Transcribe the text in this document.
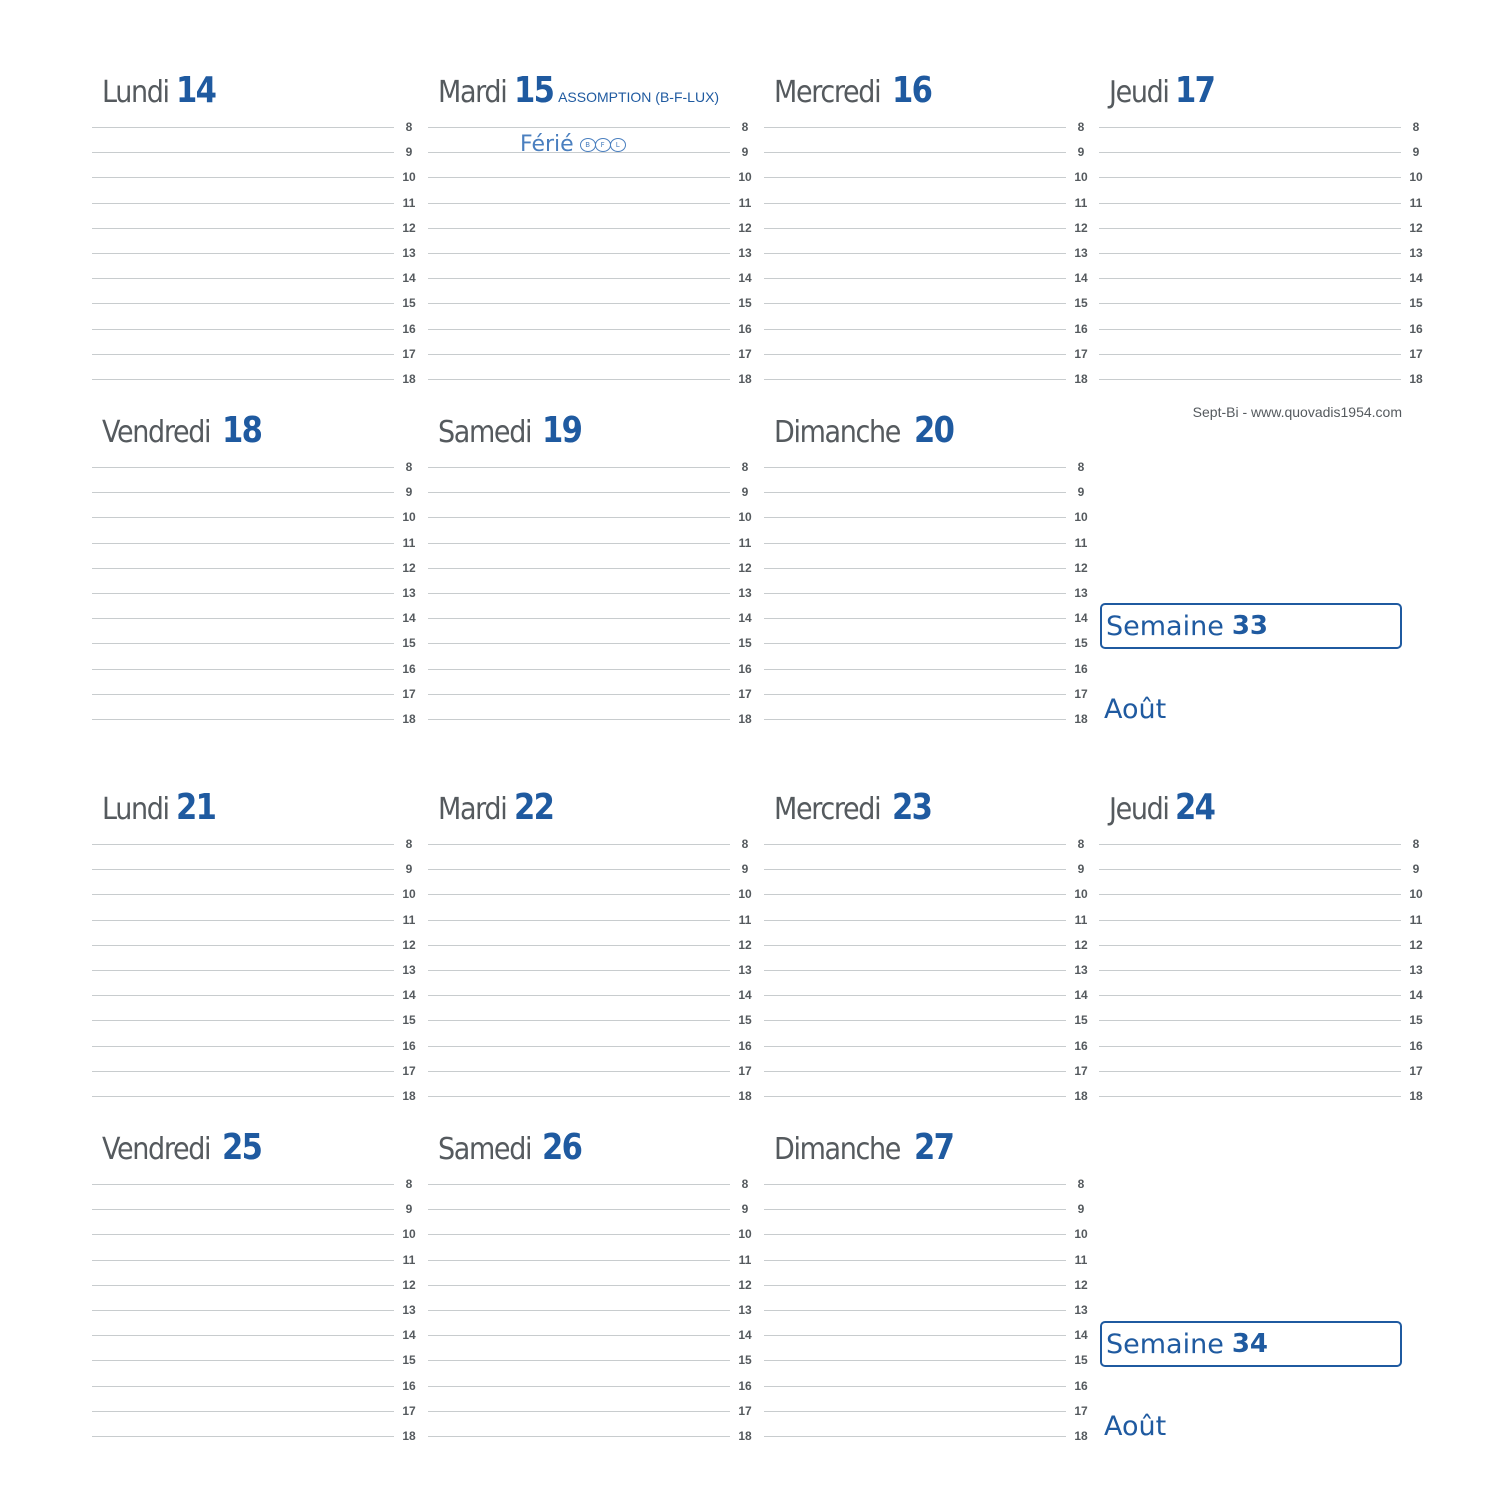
Lundi 14
8
9
10
11
12
13
14
15
16
17
18
Mardi 15 ASSOMPTION (B-F-LUX)
Férié	B	F	L
8
9
10
11
12
13
14
15
16
17
18
Mercredi 16
8
9
10
11
12
13
14
15
16
17
18
Jeudi 17
8
9
10
11
12
13
14
15
16
17
18
Sept-Bi - www.quovadis1954.com
Vendredi 18
8
9
10
11
12
13
14
15
16
17
18
Samedi 19
8
9
10
11
12
13
14
15
16
17
18
Dimanche 20
8
9
10
11
12
13
14
15
16
17
18
Semaine 33
Août
Lundi 21
8
9
10
11
12
13
14
15
16
17
18
Mardi 22
8
9
10
11
12
13
14
15
16
17
18
Mercredi 23
8
9
10
11
12
13
14
15
16
17
18
Jeudi 24
8
9
10
11
12
13
14
15
16
17
18
Vendredi 25
8
9
10
11
12
13
14
15
16
17
18
Samedi 26
8
9
10
11
12
13
14
15
16
17
18
Dimanche 27
8
9
10
11
12
13
14
15
16
17
18
Semaine 34
Août
